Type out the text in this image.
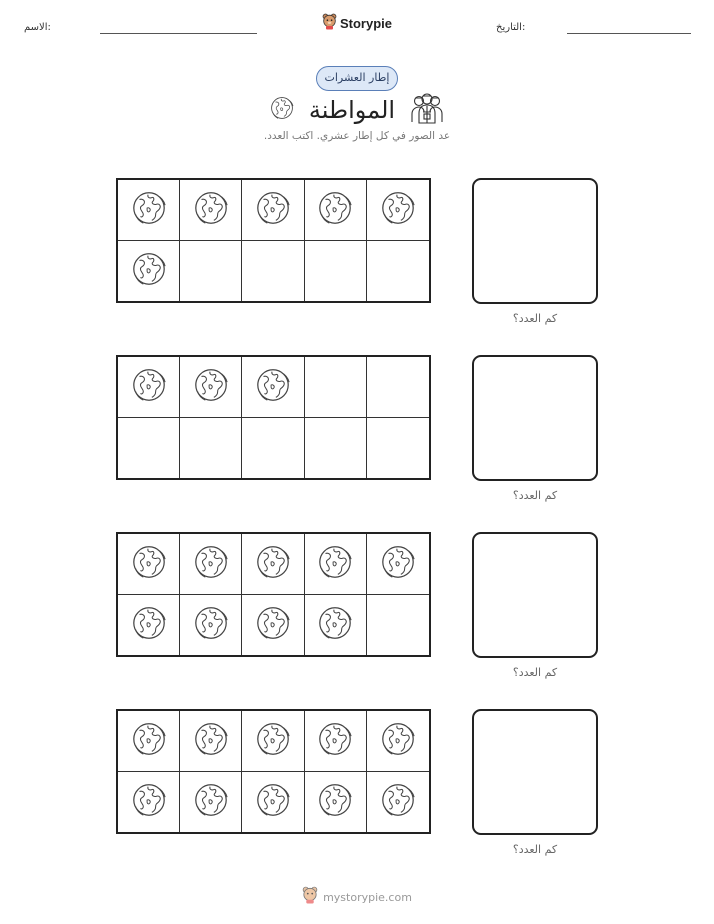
الاسم:	التاريخ:
Storypie
إطار العشرات
المواطنة
عد الصور في كل إطار عشري. اكتب العدد.
كم العدد؟
كم العدد؟
كم العدد؟
كم العدد؟
mystorypie.com
